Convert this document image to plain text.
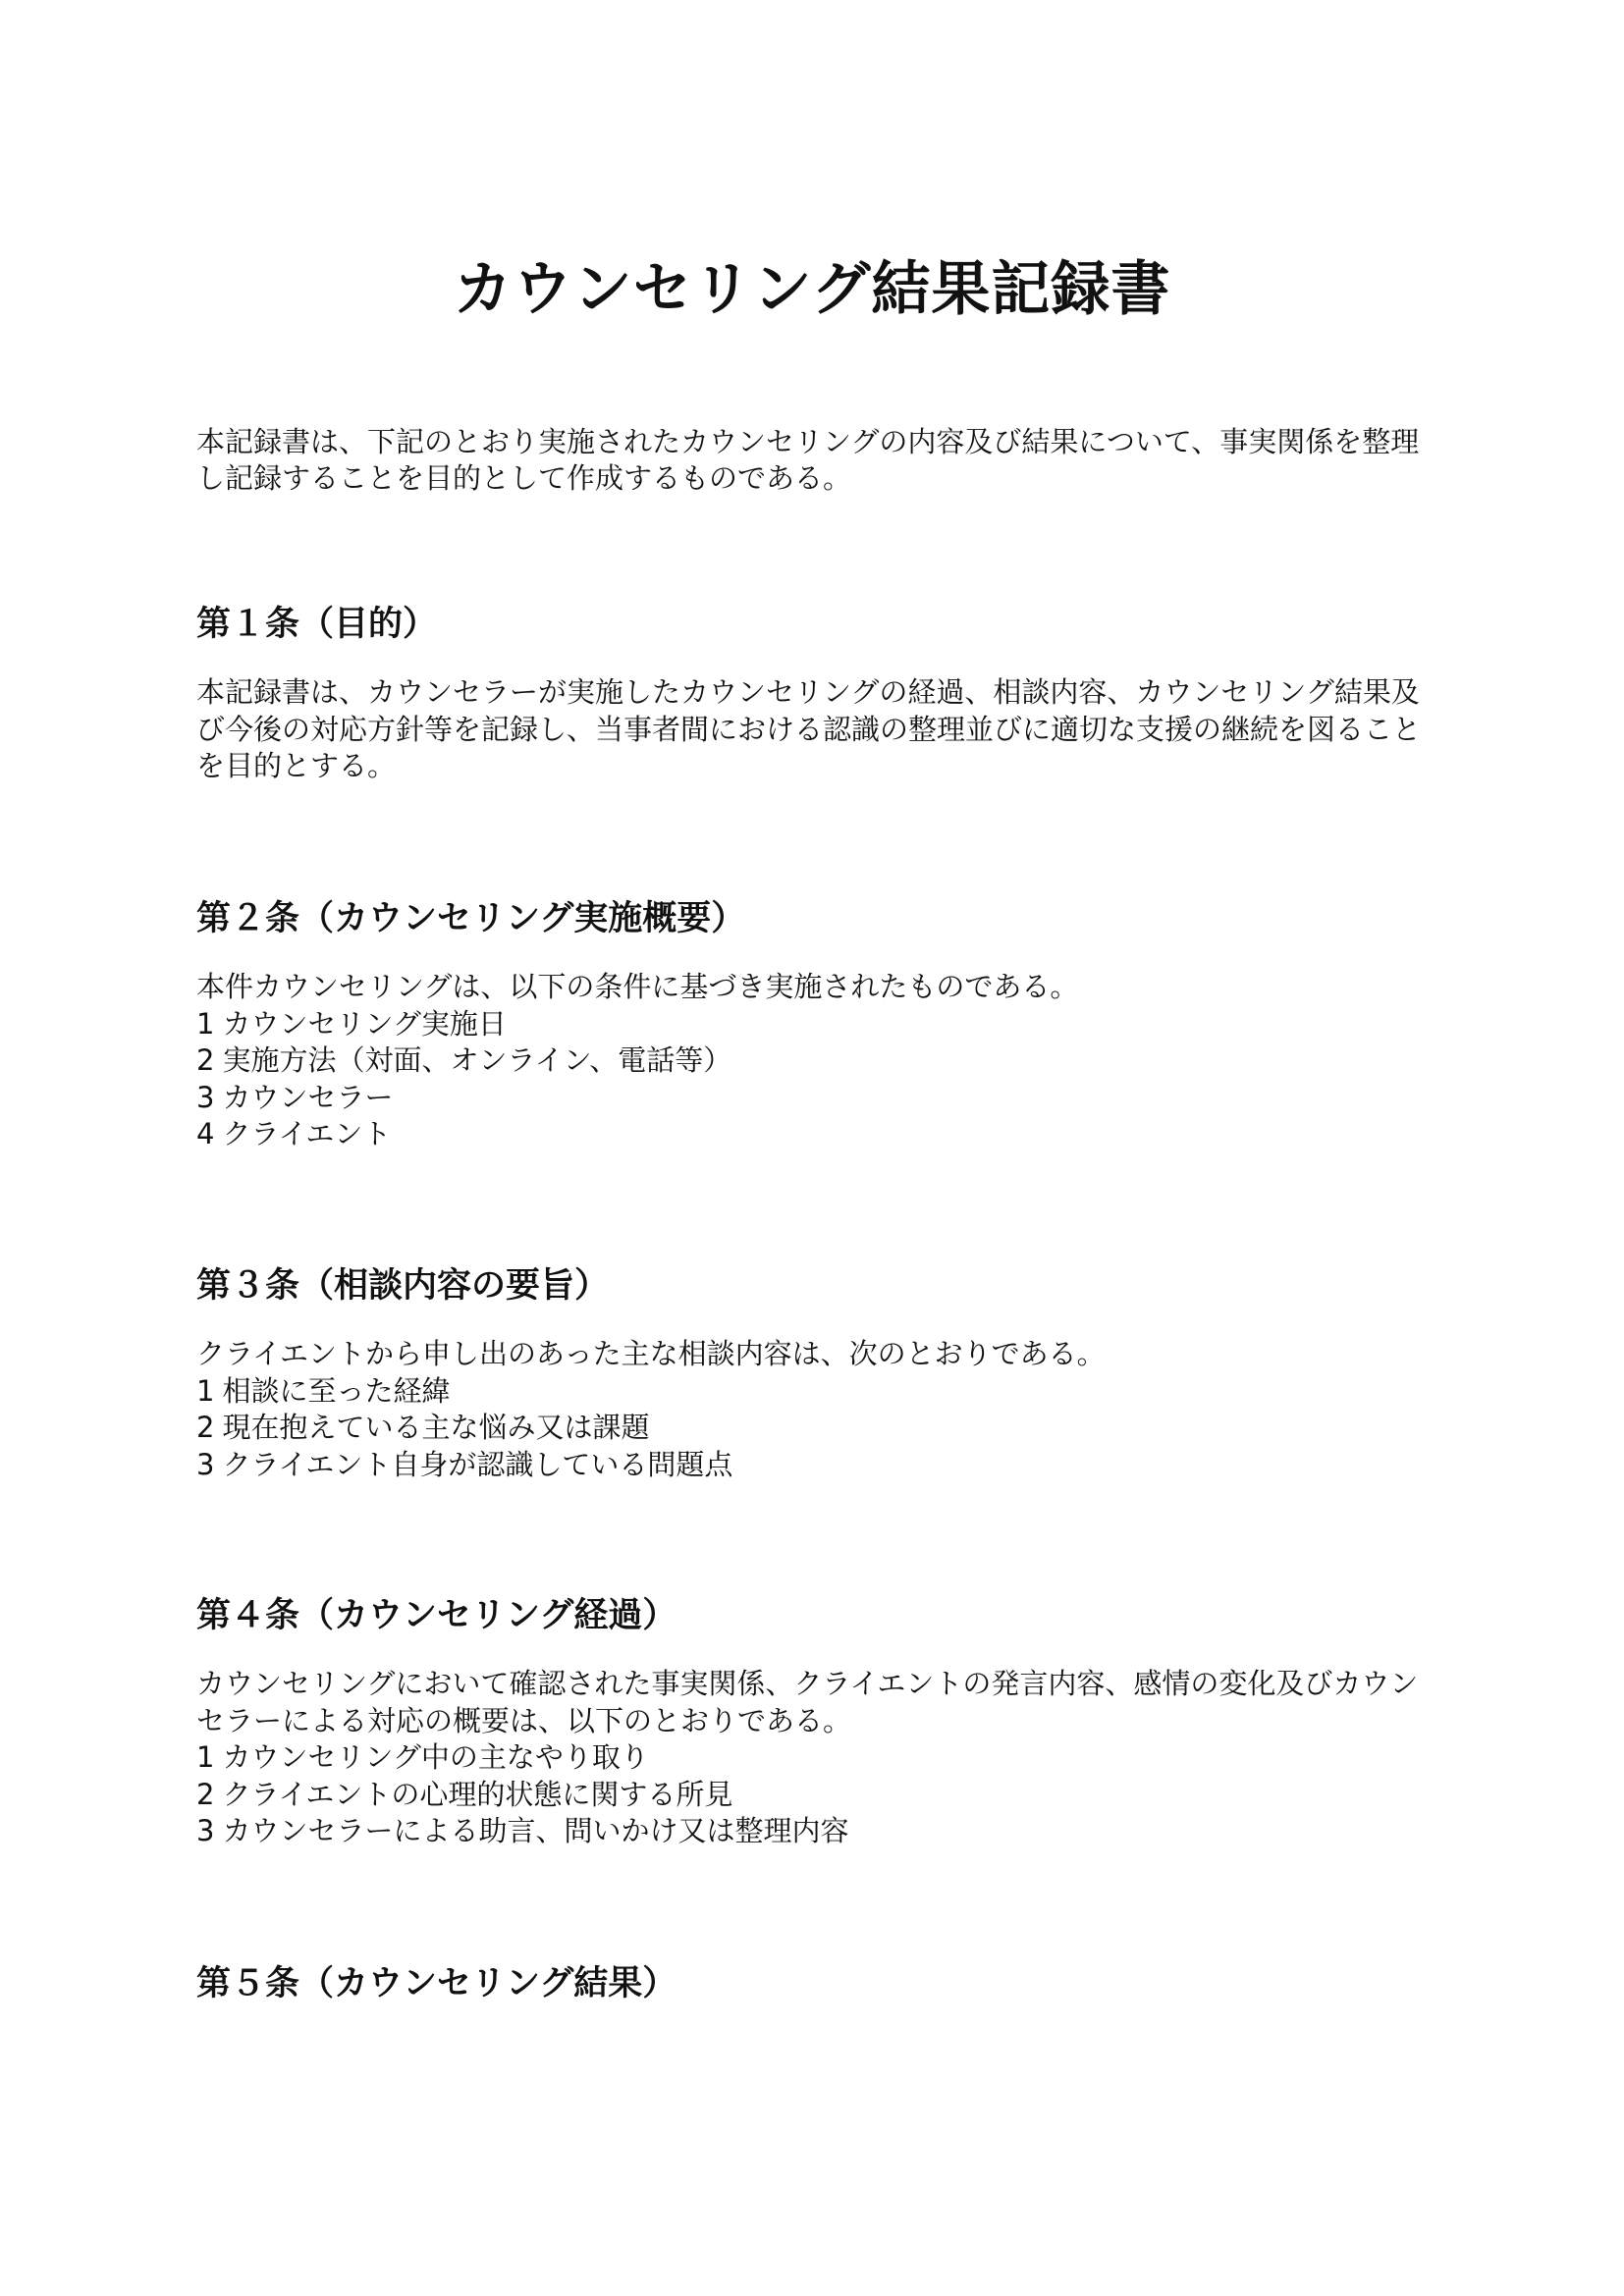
カウンセリング結果記録書

本記録書は、下記のとおり実施されたカウンセリングの内容及び結果について、事実関係を整理し記録することを目的として作成するものである。

第１条（目的）

本記録書は、カウンセラーが実施したカウンセリングの経過、相談内容、カウンセリング結果及び今後の対応方針等を記録し、当事者間における認識の整理並びに適切な支援の継続を図ることを目的とする。

第２条（カウンセリング実施概要）

本件カウンセリングは、以下の条件に基づき実施されたものである。

1 カウンセリング実施日
2 実施方法（対面、オンライン、電話等）
3 カウンセラー
4 クライエント
第３条（相談内容の要旨）

クライエントから申し出のあった主な相談内容は、次のとおりである。

1 相談に至った経緯
2 現在抱えている主な悩み又は課題
3 クライエント自身が認識している問題点
第４条（カウンセリング経過）

カウンセリングにおいて確認された事実関係、クライエントの発言内容、感情の変化及びカウンセラーによる対応の概要は、以下のとおりである。

1 カウンセリング中の主なやり取り
2 クライエントの心理的状態に関する所見
3 カウンセラーによる助言、問いかけ又は整理内容
第５条（カウンセリング結果）
